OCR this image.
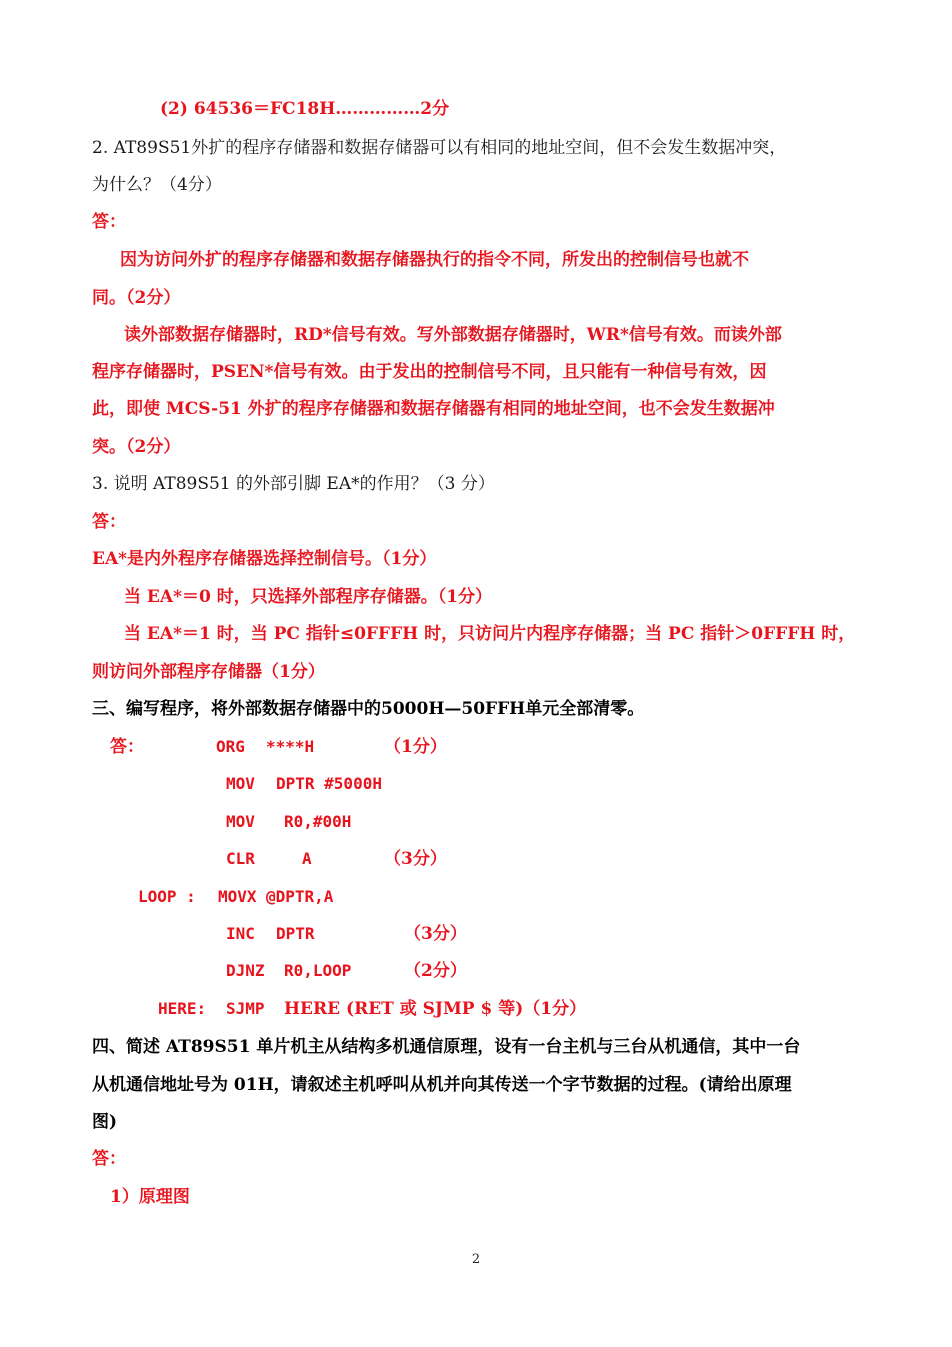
(2) 64536＝FC18H……………2分
2. AT89S51外扩的程序存储器和数据存储器可以有相同的地址空间，但不会发生数据冲突，
为什么？（4分）
答：
因为访问外扩的程序存储器和数据存储器执行的指令不同，所发出的控制信号也就不
同。（2分）
读外部数据存储器时，RD*信号有效。写外部数据存储器时，WR*信号有效。而读外部
程序存储器时，PSEN*信号有效。由于发出的控制信号不同，且只能有一种信号有效，因
此，即使 MCS-51 外扩的程序存储器和数据存储器有相同的地址空间，也不会发生数据冲
突。（2分）
3. 说明 AT89S51 的外部引脚 EA*的作用？（3 分）
答：
EA*是内外程序存储器选择控制信号。（1分）
当 EA*＝0 时，只选择外部程序存储器。（1分）
当 EA*＝1 时，当 PC 指针≤0FFFH 时，只访问片内程序存储器；当 PC 指针＞0FFFH 时，
则访问外部程序存储器（1分）
三、编写程序，将外部数据存储器中的5000H—50FFH单元全部清零。
答：	ORG ****H	（1分）
MOV DPTR #5000H
MOV R0,#00H
CLR	A	（3分）
LOOP : MOVX @DPTR,A
INC DPTR	（3分）
DJNZ R0,LOOP	（2分）
HERE: SJMP HERE (RET 或 SJMP $ 等)（1分）
四、简述 AT89S51 单片机主从结构多机通信原理，设有一台主机与三台从机通信，其中一台
从机通信地址号为 01H，请叙述主机呼叫从机并向其传送一个字节数据的过程。(请给出原理
图)
答：
1）原理图
2
